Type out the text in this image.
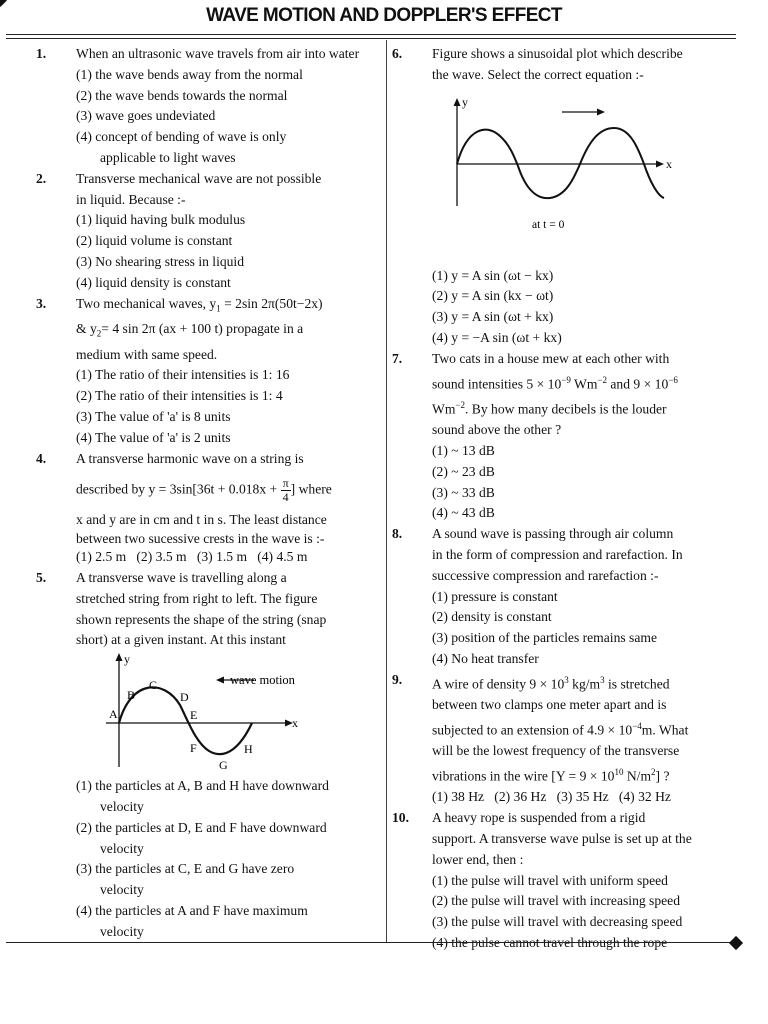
WAVE MOTION AND DOPPLER'S EFFECT
1.	When an ultrasonic wave travels from air into water
(1) the wave bends away from the normal
(2) the wave bends towards the normal
(3) wave goes undeviated
(4) concept of bending of wave is only
applicable to light waves
2.	Transverse mechanical wave are not possible
in liquid. Because :-
(1) liquid having bulk modulus
(2) liquid volume is constant
(3) No shearing stress in liquid
(4) liquid density is constant
3.	Two mechanical waves, $y_1 = 2\sin$ 2π(50t−2x)
& $y_2= 4$ sin 2π (ax + 100 t) propagate in a
medium with same speed.
(1) The ratio of their intensities is 1: 16
(2) The ratio of their intensities is 1: 4
(3) The value of 'a' is 8 units
(4) The value of 'a' is 2 units
4.	A transverse harmonic wave on a string is
described by $y = 3\sin[36t + 0.018x + \frac{\pi}{4}$ ] where
x and y are in cm and t in s. The least distance
between two sucessive crests in the wave is :-
(1) 2.5 m   (2) 3.5 m   (3) 1.5 m   (4) 4.5 m
5.	A transverse wave is travelling along a
stretched string from right to left. The figure
shown represents the shape of the string (snap
short) at a given instant. At this instant
wave motion
y
x
A
B
C
D
E
F
G
H
(1) the particles at A, B and H have downward
velocity
(2) the particles at D, E and F have downward
velocity
(3) the particles at C, E and G have zero
velocity
(4) the particles at A and F have maximum
velocity
6.	Figure shows a sinusoidal plot which describe
the wave. Select the correct equation :-
y
x
at t = 0
(1) y = A sin (ωt − kx)
(2) y = A sin (kx − ωt)
(3) y = A sin (ωt + kx)
(4) y = −A sin (ωt + kx)
7.	Two cats in a house mew at each other with
sound intensities $5 \times 10^{-9}$ $Wm^{-2}$ and $9 \times 10^{-6}$
$Wm^{-2}$. By how many decibels is the louder
sound above the other ?
(1) ~ 13 dB
(2) ~ 23 dB
(3) ~ 33 dB
(4) ~ 43 dB
8.	A sound wave is passing through air column
in the form of compression and rarefaction. In
successive compression and rarefaction :-
(1) pressure is constant
(2) density is constant
(3) position of the particles remains same
(4) No heat transfer
9.	A wire of density $9 \times 10^3$ $kg/m^3$ is stretched
between two clamps one meter apart and is
subjected to an extension of $4.9 \times 10^{-4}m$. What
will be the lowest frequency of the transverse
vibrations in the wire [$Y = 9 \times 10^{10}$ $N/m^2$] ?
(1) 38 Hz   (2) 36 Hz   (3) 35 Hz   (4) 32 Hz
10.	A heavy rope is suspended from a rigid
support. A transverse wave pulse is set up at the
lower end, then :
(1) the pulse will travel with uniform speed
(2) the pulse will travel with increasing speed
(3) the pulse will travel with decreasing speed
(4) the pulse cannot travel through the rope
